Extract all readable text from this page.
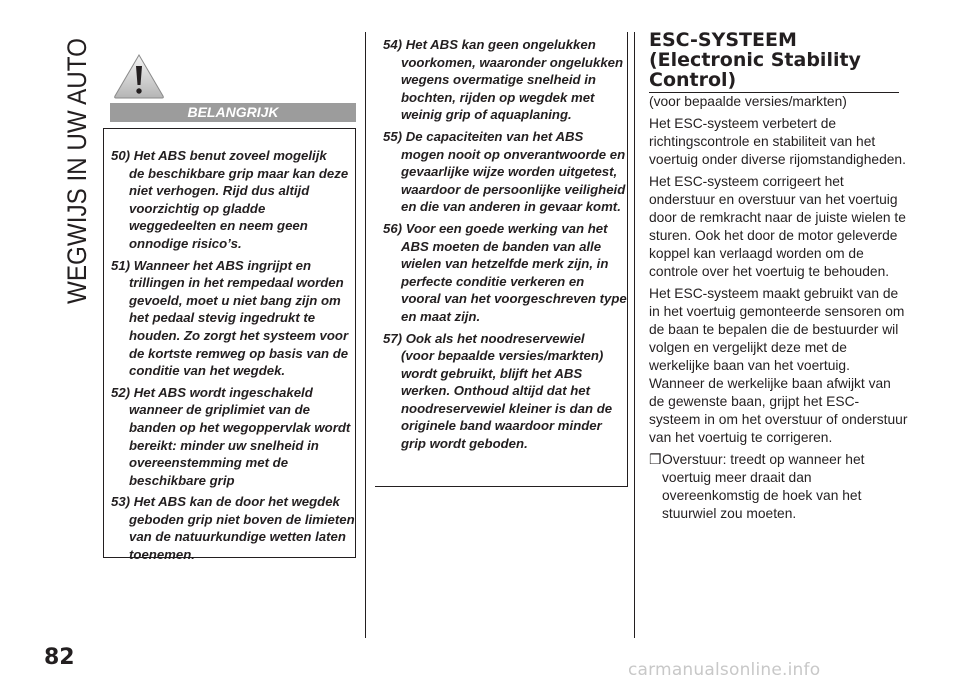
WEGWIJS IN UW AUTO
82
BELANGRIJK
50) Het ABS benut zoveel mogelijk
de beschikbare grip maar kan deze niet verhogen. Rijd dus altijd voorzichtig op gladde weggedeelten en neem geen onnodige risico’s.
51) Wanneer het ABS ingrijpt en
trillingen in het rempedaal worden gevoeld, moet u niet bang zijn om het pedaal stevig ingedrukt te houden. Zo zorgt het systeem voor de kortste remweg op basis van de conditie van het wegdek.
52) Het ABS wordt ingeschakeld
wanneer de griplimiet van de banden op het wegoppervlak wordt bereikt: minder uw snelheid in overeenstemming met de beschikbare grip
53) Het ABS kan de door het wegdek
geboden grip niet boven de limieten van de natuurkundige wetten laten toenemen.
54) Het ABS kan geen ongelukken
voorkomen, waaronder ongelukken wegens overmatige snelheid in bochten, rijden op wegdek met weinig grip of aquaplaning.
55) De capaciteiten van het ABS
mogen nooit op onverantwoorde en gevaarlijke wijze worden uitgetest, waardoor de persoonlijke veiligheid en die van anderen in gevaar komt.
56) Voor een goede werking van het
ABS moeten de banden van alle wielen van hetzelfde merk zijn, in perfecte conditie verkeren en vooral van het voorgeschreven type en maat zijn.
57) Ook als het noodreservewiel
(voor bepaalde versies/markten) wordt gebruikt, blijft het ABS werken. Onthoud altijd dat het noodreservewiel kleiner is dan de originele band waardoor minder grip wordt geboden.
ESC-SYSTEEM
(Electronic Stability
Control)

(voor bepaalde versies/markten)

Het ESC-systeem verbetert de richtingscontrole en stabiliteit van het voertuig onder diverse rijomstandigheden.

Het ESC-systeem corrigeert het onderstuur en overstuur van het voertuig door de remkracht naar de juiste wielen te sturen. Ook het door de motor geleverde koppel kan verlaagd worden om de controle over het voertuig te behouden.

Het ESC-systeem maakt gebruikt van de in het voertuig gemonteerde sensoren om de baan te bepalen die de bestuurder wil volgen en vergelijkt deze met de werkelijke baan van het voertuig. Wanneer de werkelijke baan afwijkt van de gewenste baan, grijpt het ESC-systeem in om het overstuur of onderstuur van het voertuig te corrigeren.

❒ Overstuur: treedt op wanneer het voertuig meer draait dan overeenkomstig de hoek van het stuurwiel zou moeten.
carmanualsonline.info
